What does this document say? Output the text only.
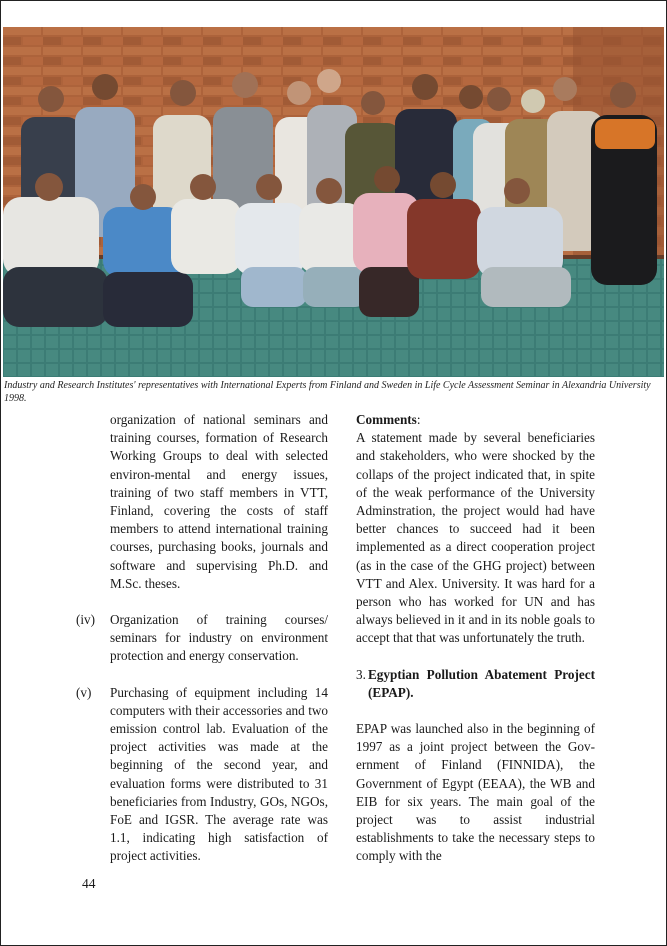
Industry and Research Institutes' representatives with International Experts from Finland and Sweden in Life Cycle Assessment Seminar in Alexandria University 1998.

organization of national seminars and training courses, formation of Research Working Groups to deal with selected environ-mental and energy issues, training of two staff members in VTT, Finland, covering the costs of staff members to attend international training courses, purchasing books, journals and software and supervising Ph.D. and M.Sc. theses.

(iv) Organization of training courses/ seminars for industry on environment protection and energy conservation.
(v) Purchasing of equipment including 14 computers with their accessories and two emission control lab. Evaluation of the project activities was made at the beginning of the second year, and evaluation forms were distributed to 31 beneficiaries from Industry, GOs, NGOs, FoE and IGSR. The average rate was 1.1, indicating high satisfaction of project activities.

Comments:

A statement made by several beneficiaries and stakeholders, who were shocked by the collaps of the project indicated that, in spite of the weak performance of the University Adminstration, the project would had have better chances to succeed had it been implemented as a direct cooperation project (as in the case of the GHG project) between VTT and Alex. University. It was hard for a person who has worked for UN and has always believed in it and in its noble goals to accept that that was unfortunately the truth.

3. Egyptian Pollution Abatement Project (EPAP).

EPAP was launched also in the beginning of 1997 as a joint project between the Gov-ernment of Finland (FINNIDA), the Government of Egypt (EEAA), the WB and EIB for six years. The main goal of the project was to assist industrial establishments to take the necessary steps to comply with the

44
